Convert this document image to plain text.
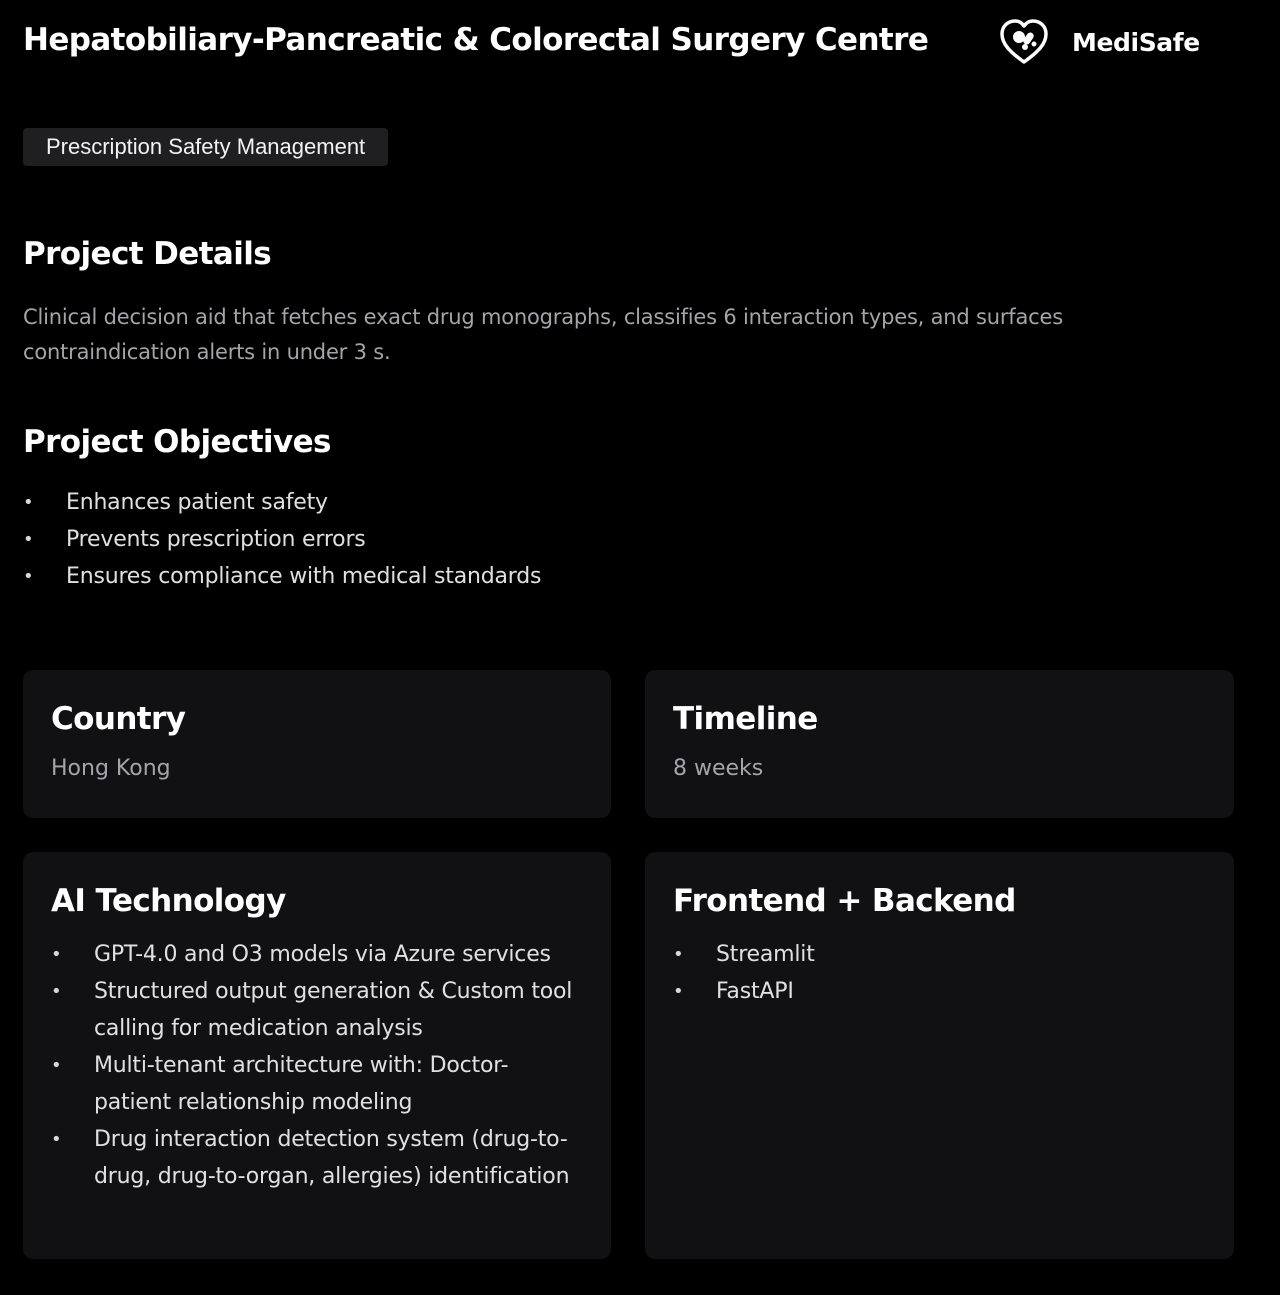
Hepatobiliary-Pancreatic & Colorectal Surgery Centre	MediSafe
Prescription Safety Management
Project Details

Clinical decision aid that fetches exact drug monographs, classifies 6 interaction types, and surfaces contraindication alerts in under 3 s.

Project Objectives
• Enhances patient safety
• Prevents prescription errors
• Ensures compliance with medical standards
Country
Hong Kong
Timeline
8 weeks
AI Technology
• GPT-4.0 and O3 models via Azure services
• Structured output generation & Custom tool calling for medication analysis
• Multi-tenant architecture with: Doctor-patient relationship modeling
• Drug interaction detection system (drug-to-drug, drug-to-organ, allergies) identification
Frontend + Backend
• Streamlit
• FastAPI
